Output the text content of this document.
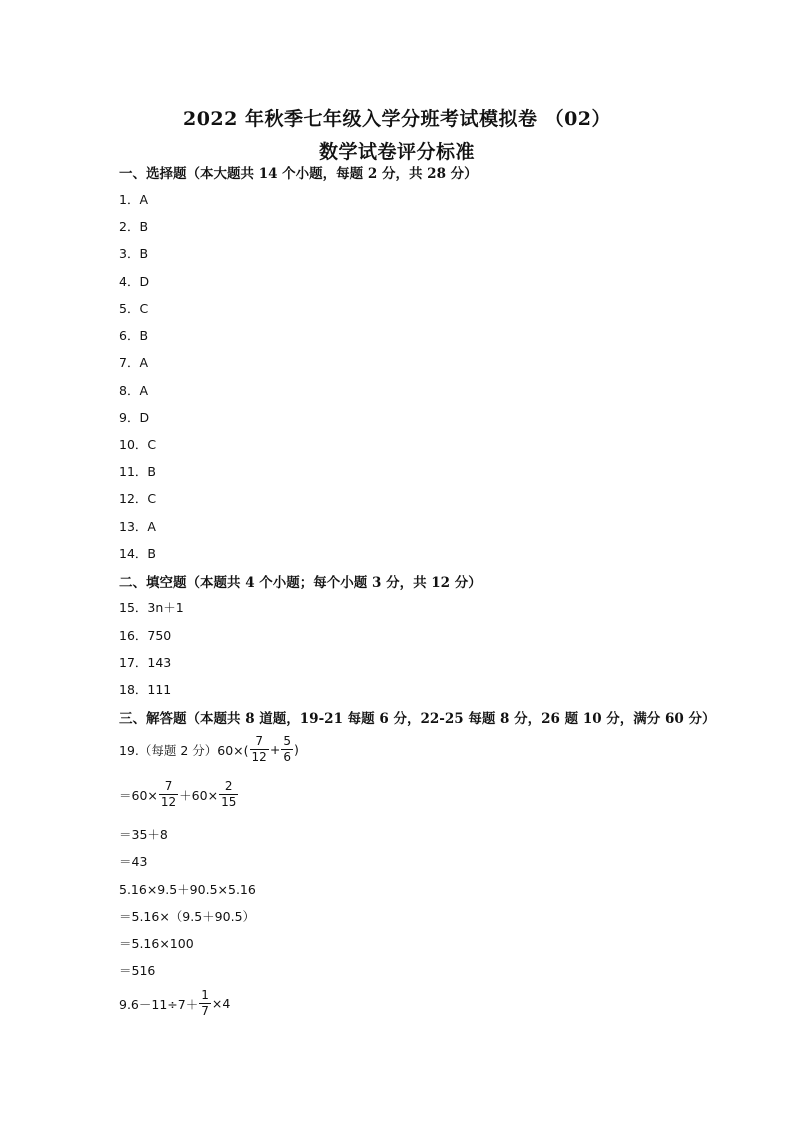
2022 年秋季七年级入学分班考试模拟卷 （02）
数学试卷评分标准
一、选择题（本大题共 14 个小题，每题 2 分，共 28 分）
1．A
2．B
3．B
4．D
5．C
6．B
7．A
8．A
9．D
10．C
11．B
12．C
13．A
14．B
二、填空题（本题共 4 个小题；每个小题 3 分，共 12 分）
15．3n＋1
16．750
17．143
18．111
三、解答题（本题共 8 道题，19-21 每题 6 分，22-25 每题 8 分，26 题 10 分，满分 60 分）
19.（每题 2 分）$60\times( \frac{7}{12} + \frac{5}{6}$ )
$=60\times \frac{7}{12} +60\times \frac{2}{15}$
＝35＋8
＝43
5.16×9.5＋90.5×5.16
＝5.16×（9.5＋90.5）
＝5.16×100
＝516
$9.6-11\div 7+ \frac{1}{7} \times 4$
